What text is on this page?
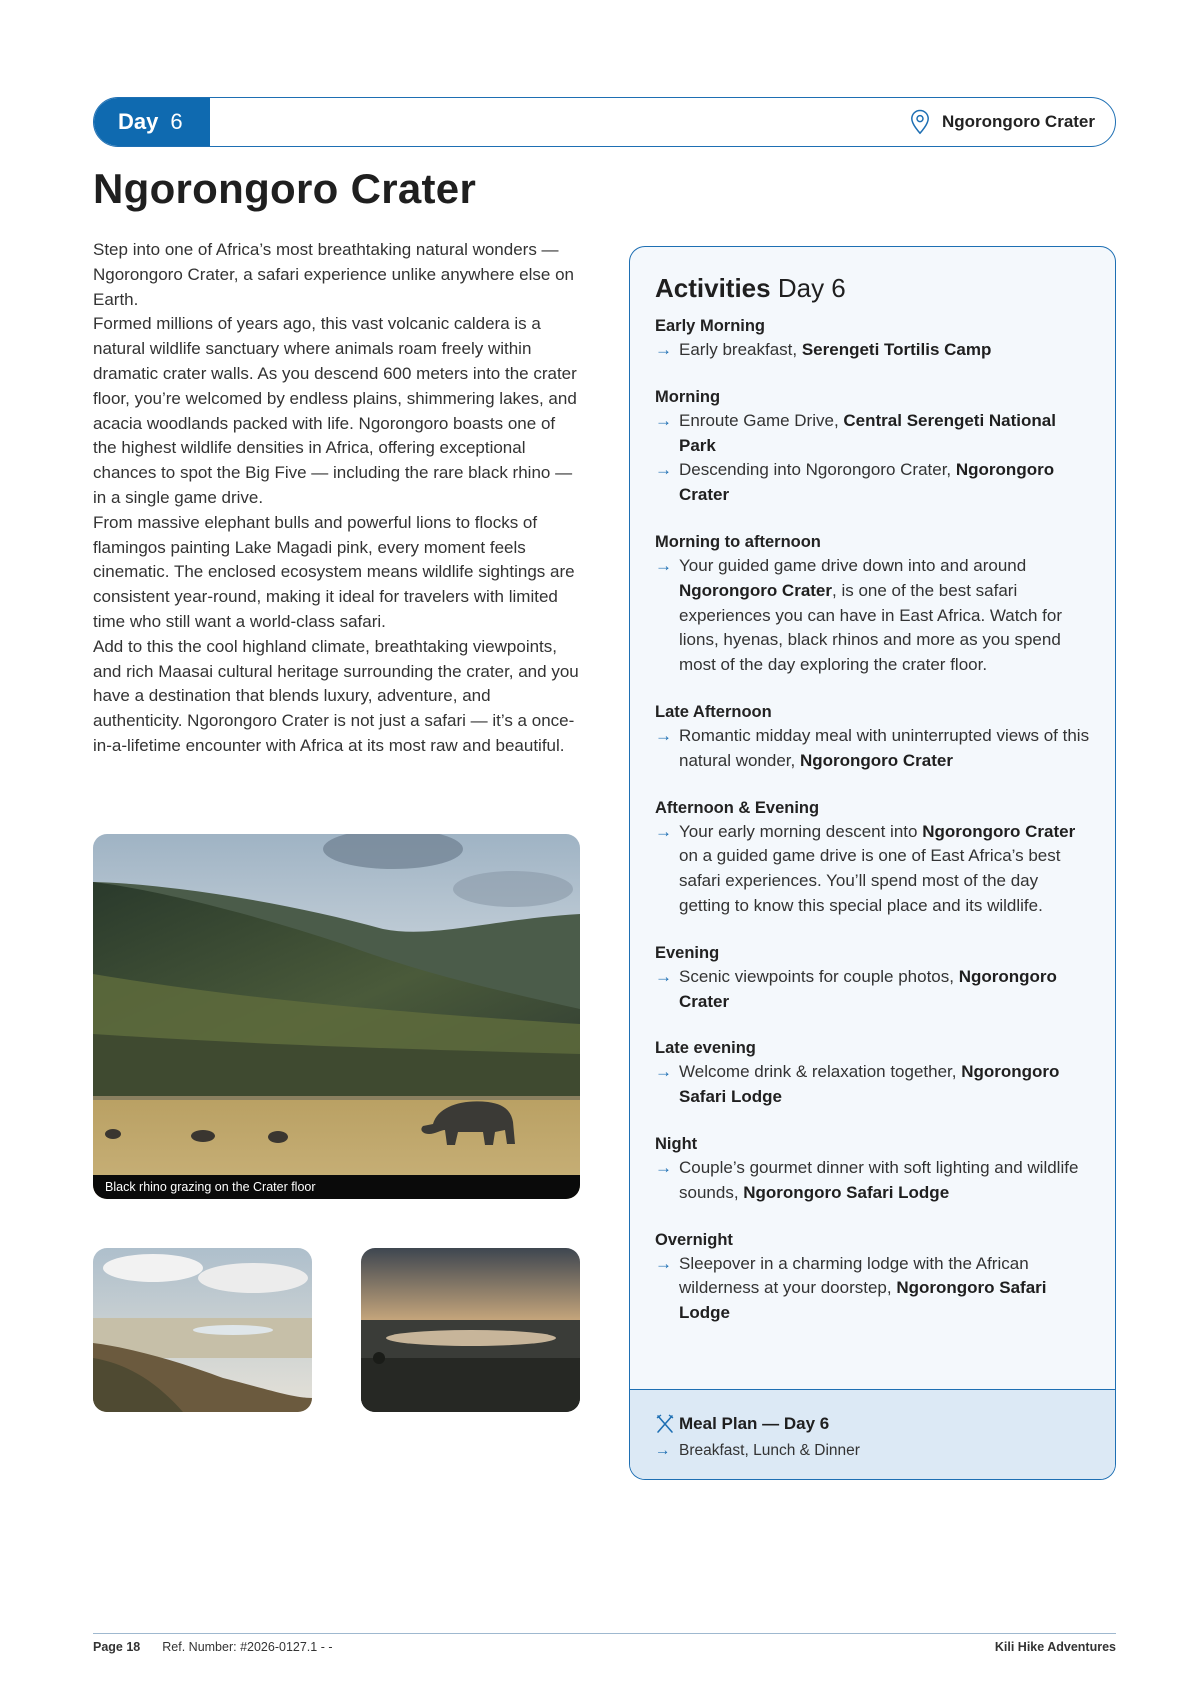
Day 6	Ngorongoro Crater
Ngorongoro Crater

Step into one of Africa’s most breathtaking natural wonders — Ngorongoro Crater, a safari experience unlike anywhere else on Earth.

Formed millions of years ago, this vast volcanic caldera is a natural wildlife sanctuary where animals roam freely within dramatic crater walls. As you descend 600 meters into the crater floor, you’re welcomed by endless plains, shimmering lakes, and acacia woodlands packed with life. Ngorongoro boasts one of the highest wildlife densities in Africa, offering exceptional chances to spot the Big Five — including the rare black rhino — in a single game drive.

From massive elephant bulls and powerful lions to flocks of flamingos painting Lake Magadi pink, every moment feels cinematic. The enclosed ecosystem means wildlife sightings are consistent year-round, making it ideal for travelers with limited time who still want a world-class safari.

Add to this the cool highland climate, breathtaking viewpoints, and rich Maasai cultural heritage surrounding the crater, and you have a destination that blends luxury, adventure, and authenticity. Ngorongoro Crater is not just a safari — it’s a once-in-a-lifetime encounter with Africa at its most raw and beautiful.

Black rhino grazing on the Crater floor
Activities Day 6
Early Morning
→ Early breakfast, Serengeti Tortilis Camp
Morning
→ Enroute Game Drive, Central Serengeti National Park
→ Descending into Ngorongoro Crater, Ngorongoro Crater
Morning to afternoon
→ Your guided game drive down into and around Ngorongoro Crater, is one of the best safari experiences you can have in East Africa. Watch for lions, hyenas, black rhinos and more as you spend most of the day exploring the crater floor.
Late Afternoon
→ Romantic midday meal with uninterrupted views of this natural wonder, Ngorongoro Crater
Afternoon & Evening
→ Your early morning descent into Ngorongoro Crater on a guided game drive is one of East Africa’s best safari experiences. You’ll spend most of the day getting to know this special place and its wildlife.
Evening
→ Scenic viewpoints for couple photos, Ngorongoro Crater
Late evening
→ Welcome drink & relaxation together, Ngorongoro Safari Lodge
Night
→ Couple’s gourmet dinner with soft lighting and wildlife sounds, Ngorongoro Safari Lodge
Overnight
→ Sleepover in a charming lodge with the African wilderness at your doorstep, Ngorongoro Safari Lodge
Meal Plan — Day 6
→ Breakfast, Lunch & Dinner
Page 18 Ref. Number: #2026-0127.1 - -	Kili Hike Adventures
